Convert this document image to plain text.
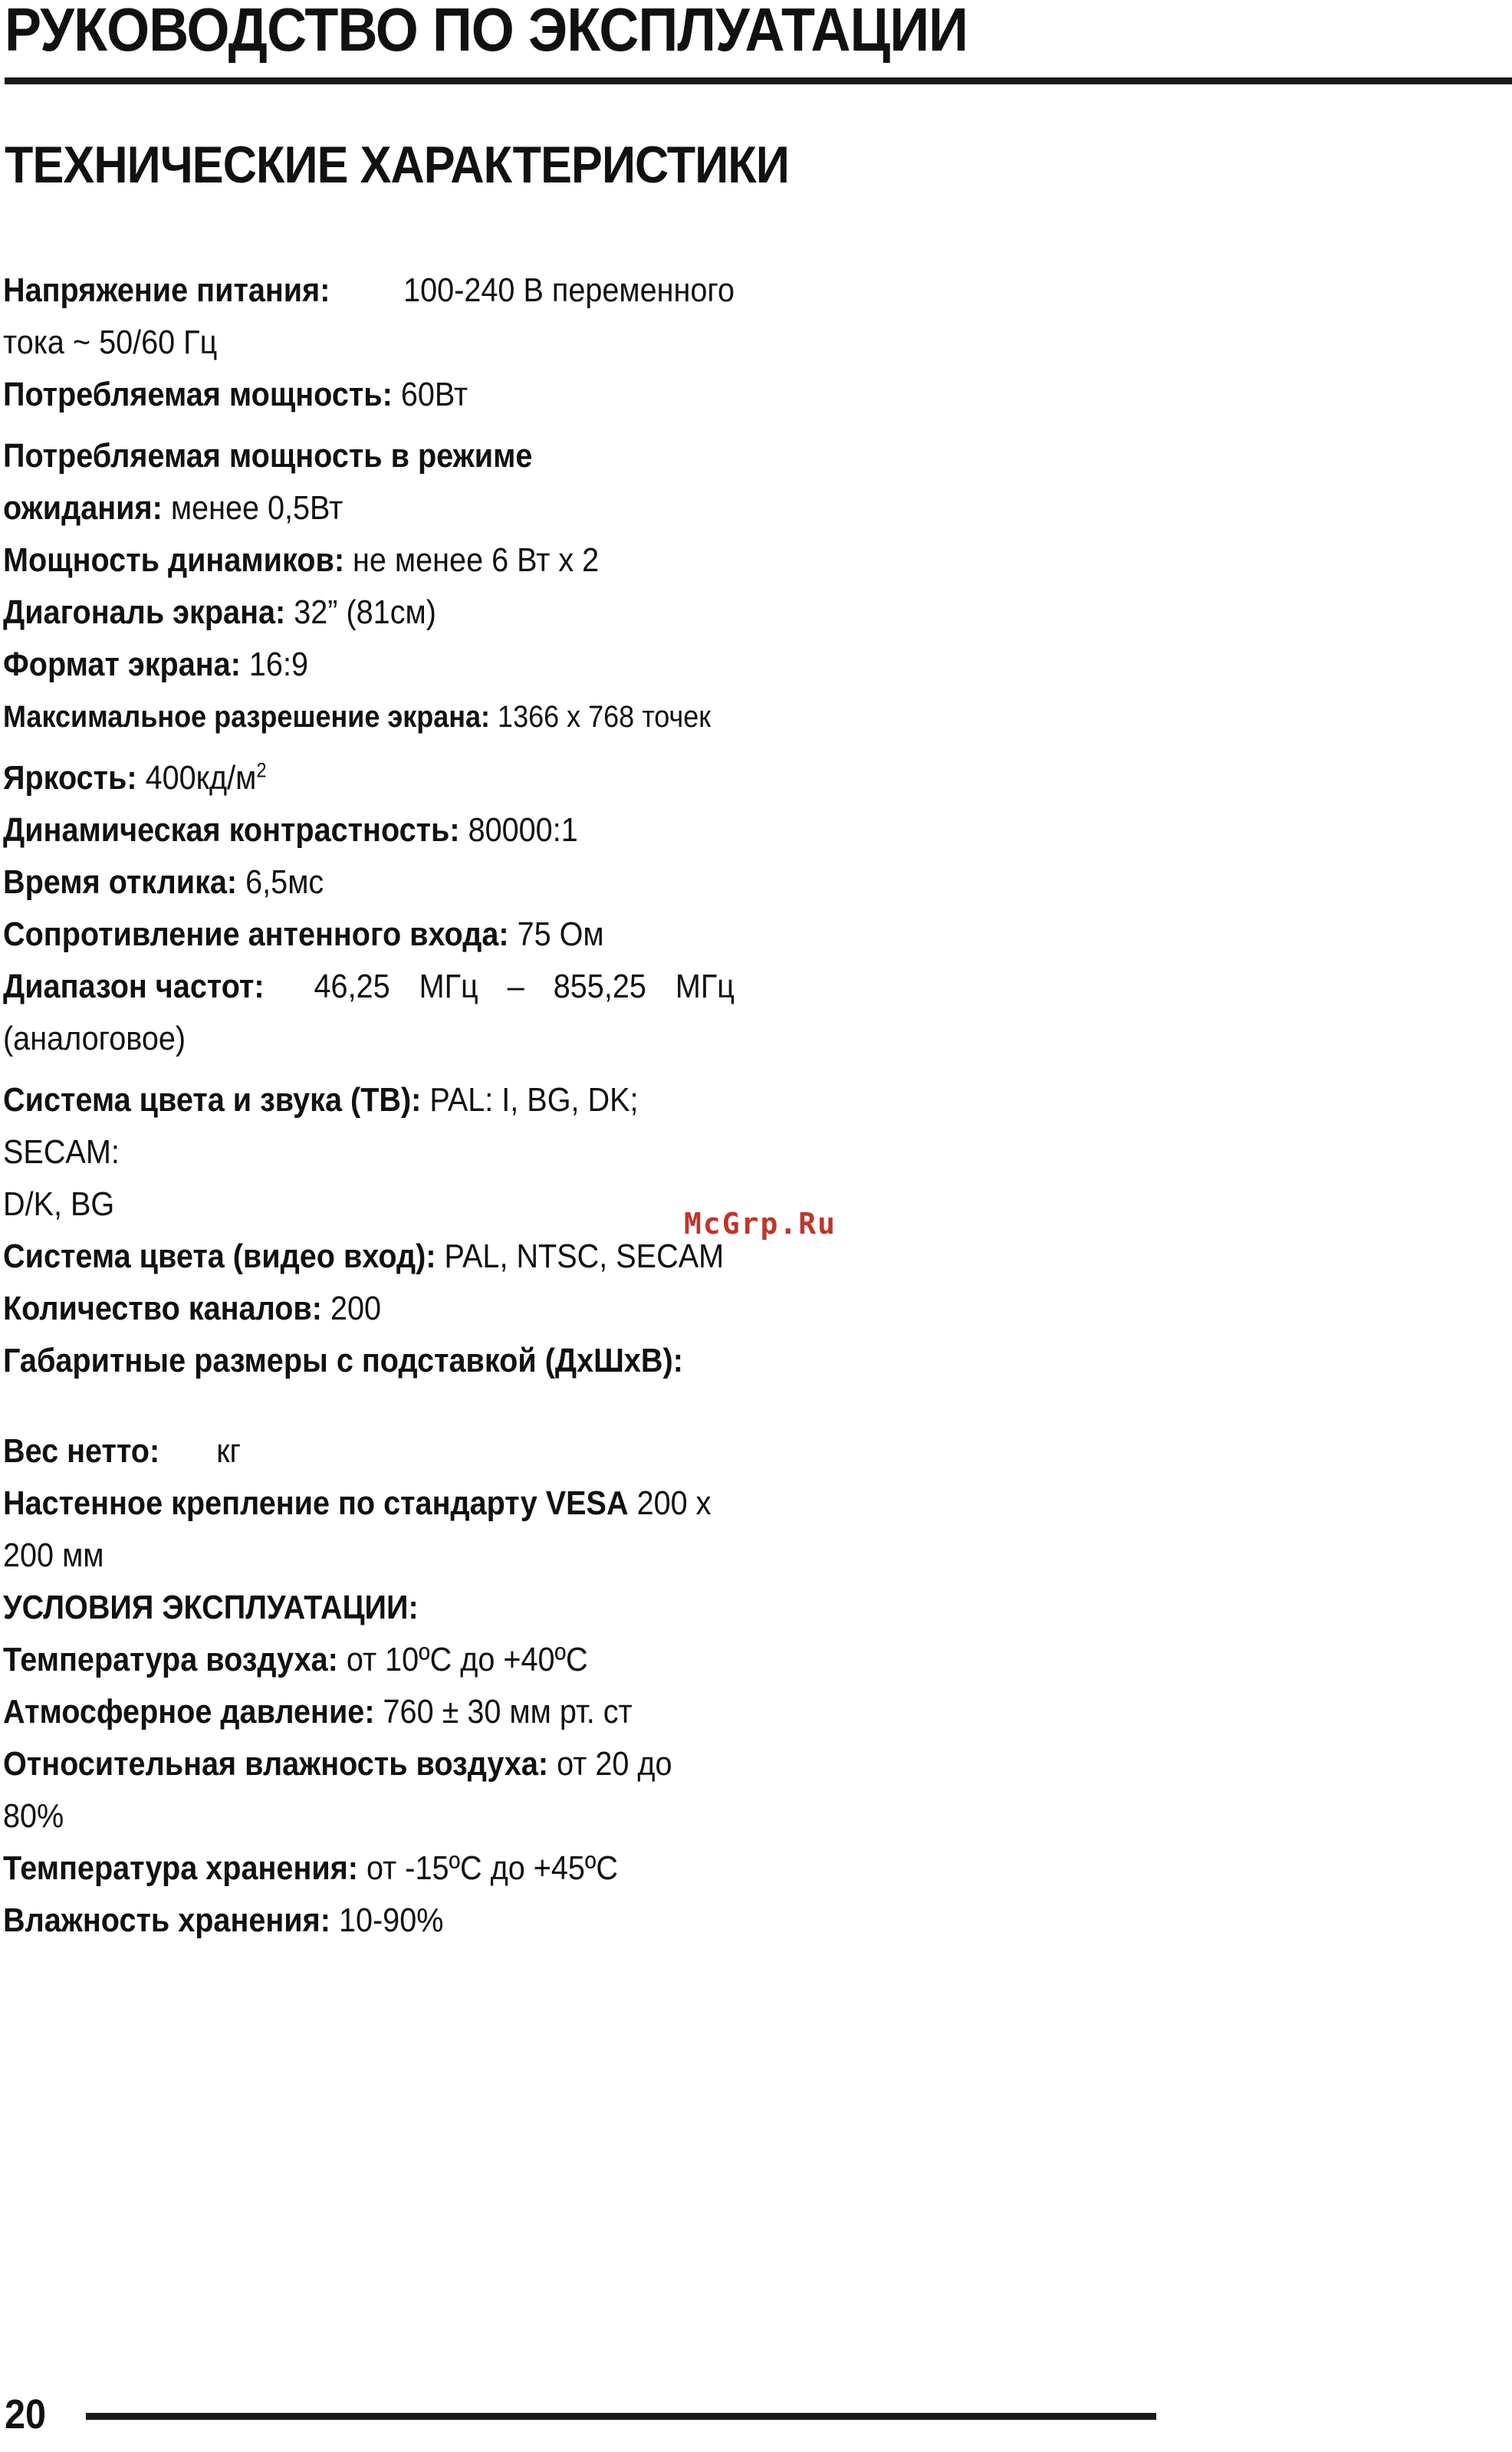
РУКОВОДСТВО ПО ЭКСПЛУАТАЦИИ
ТЕХНИЧЕСКИЕ ХАРАКТЕРИСТИКИ
Напряжение питания: 100-240 В переменного
тока ~ 50/60 Гц
Потребляемая мощность: 60Вт
Потребляемая мощность в режиме
ожидания: менее 0,5Вт
Мощность динамиков: не менее 6 Вт х 2
Диагональ экрана: 32” (81см)
Формат экрана: 16:9
Максимальное разрешение экрана: 1366 х 768 точек
Яркость: $400кд/м^2$
Динамическая контрастность: 80000:1
Время отклика: 6,5мс
Сопротивление антенного входа: 75 Ом
Диапазон частот: 46,25 МГц – 855,25 МГц
(аналоговое)
Система цвета и звука (ТВ): PAL: I, BG, DK; SECAM:
D/K, BG
Система цвета (видео вход): PAL, NTSC, SECAM
Количество каналов: 200
Габаритные размеры с подставкой (ДхШхВ):
Вес нетто: кг
Настенное крепление по стандарту VESA 200 х
200 мм
УСЛОВИЯ ЭКСПЛУАТАЦИИ:
Температура воздуха: от 10ºС до +40ºС
Атмосферное давление: 760 ± 30 мм рт. ст
Относительная влажность воздуха: от 20 до 80%
Температура хранения: от -15ºС до +45ºС
Влажность хранения: 10-90%
McGrp.Ru
20
